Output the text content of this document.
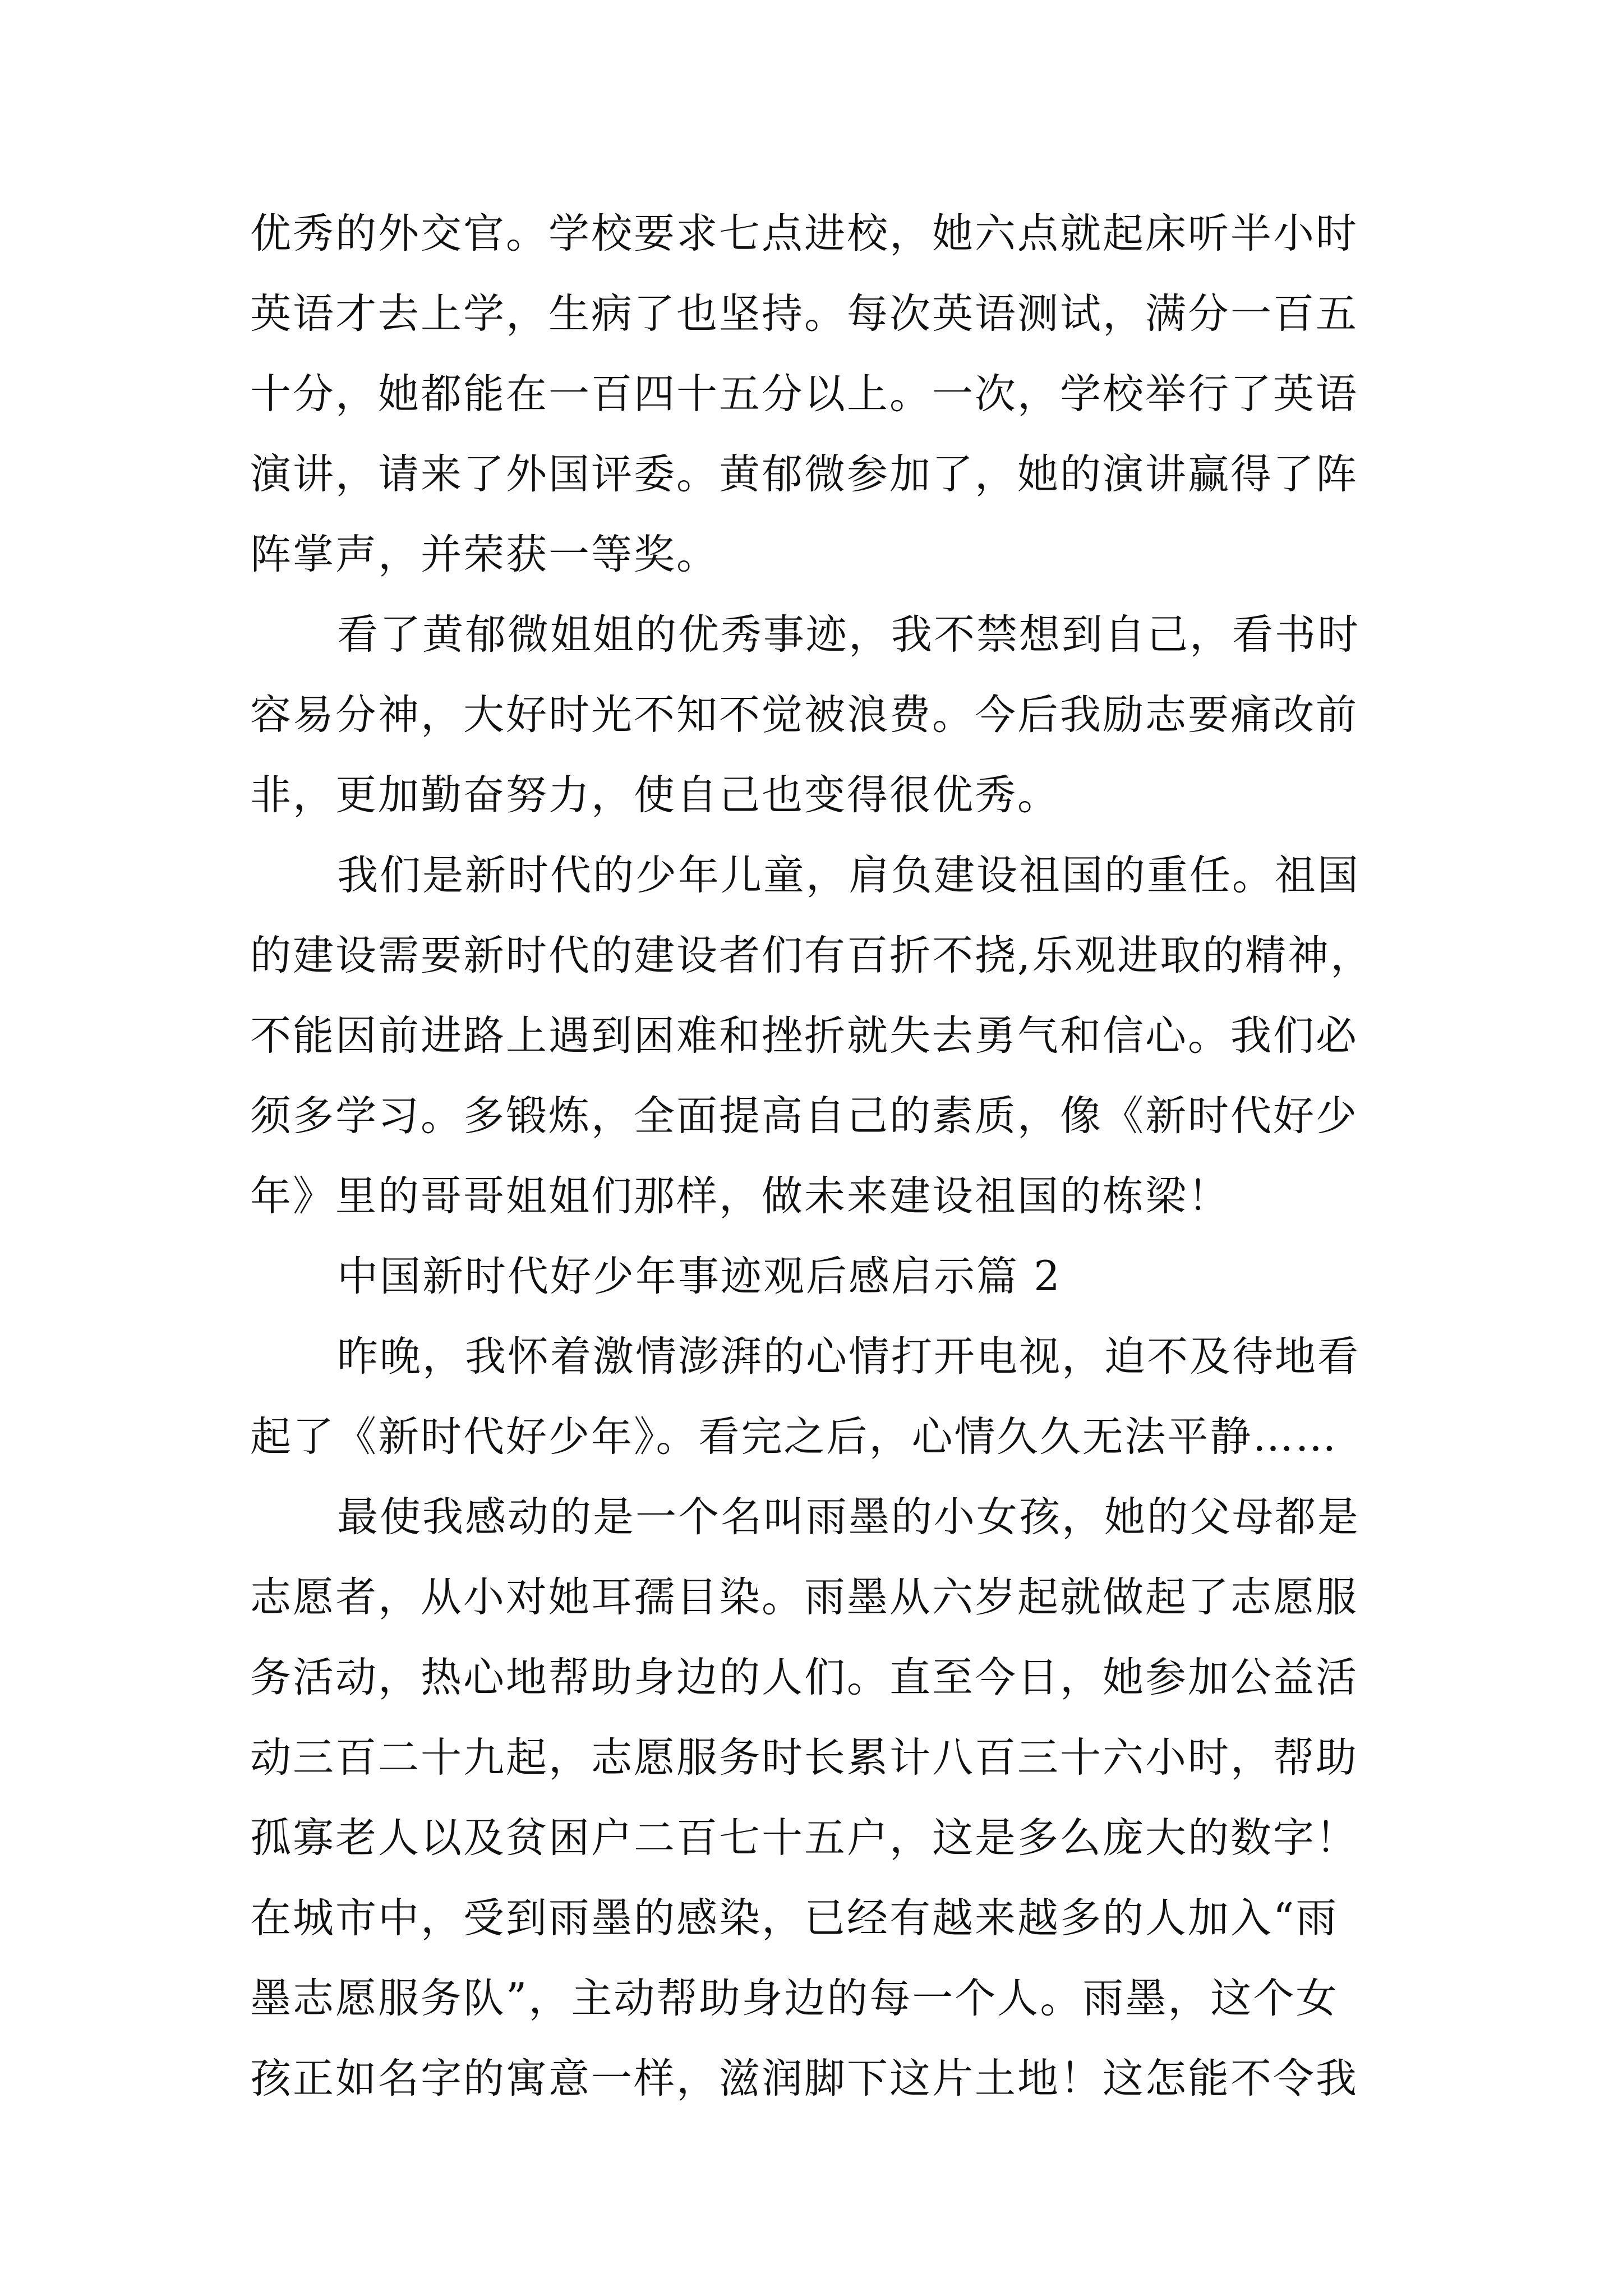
优秀的外交官。学校要求七点进校，她六点就起床听半小时

英语才去上学，生病了也坚持。每次英语测试，满分一百五

十分，她都能在一百四十五分以上。一次，学校举行了英语

演讲，请来了外国评委。黄郁微参加了，她的演讲赢得了阵

阵掌声，并荣获一等奖。

看了黄郁微姐姐的优秀事迹，我不禁想到自己，看书时

容易分神，大好时光不知不觉被浪费。今后我励志要痛改前

非，更加勤奋努力，使自己也变得很优秀。

我们是新时代的少年儿童，肩负建设祖国的重任。祖国

的建设需要新时代的建设者们有百折不挠,乐观进取的精神，

不能因前进路上遇到困难和挫折就失去勇气和信心。我们必

须多学习。多锻炼，全面提高自己的素质，像《新时代好少

年》里的哥哥姐姐们那样，做未来建设祖国的栋梁！

中国新时代好少年事迹观后感启示篇 2

昨晚，我怀着激情澎湃的心情打开电视，迫不及待地看

起了《新时代好少年》。看完之后，心情久久无法平静……

最使我感动的是一个名叫雨墨的小女孩，她的父母都是

志愿者，从小对她耳孺目染。雨墨从六岁起就做起了志愿服

务活动，热心地帮助身边的人们。直至今日，她参加公益活

动三百二十九起，志愿服务时长累计八百三十六小时，帮助

孤寡老人以及贫困户二百七十五户，这是多么庞大的数字！

在城市中，受到雨墨的感染，已经有越来越多的人加入“雨

墨志愿服务队”，主动帮助身边的每一个人。雨墨，这个女

孩正如名字的寓意一样，滋润脚下这片土地！这怎能不令我
